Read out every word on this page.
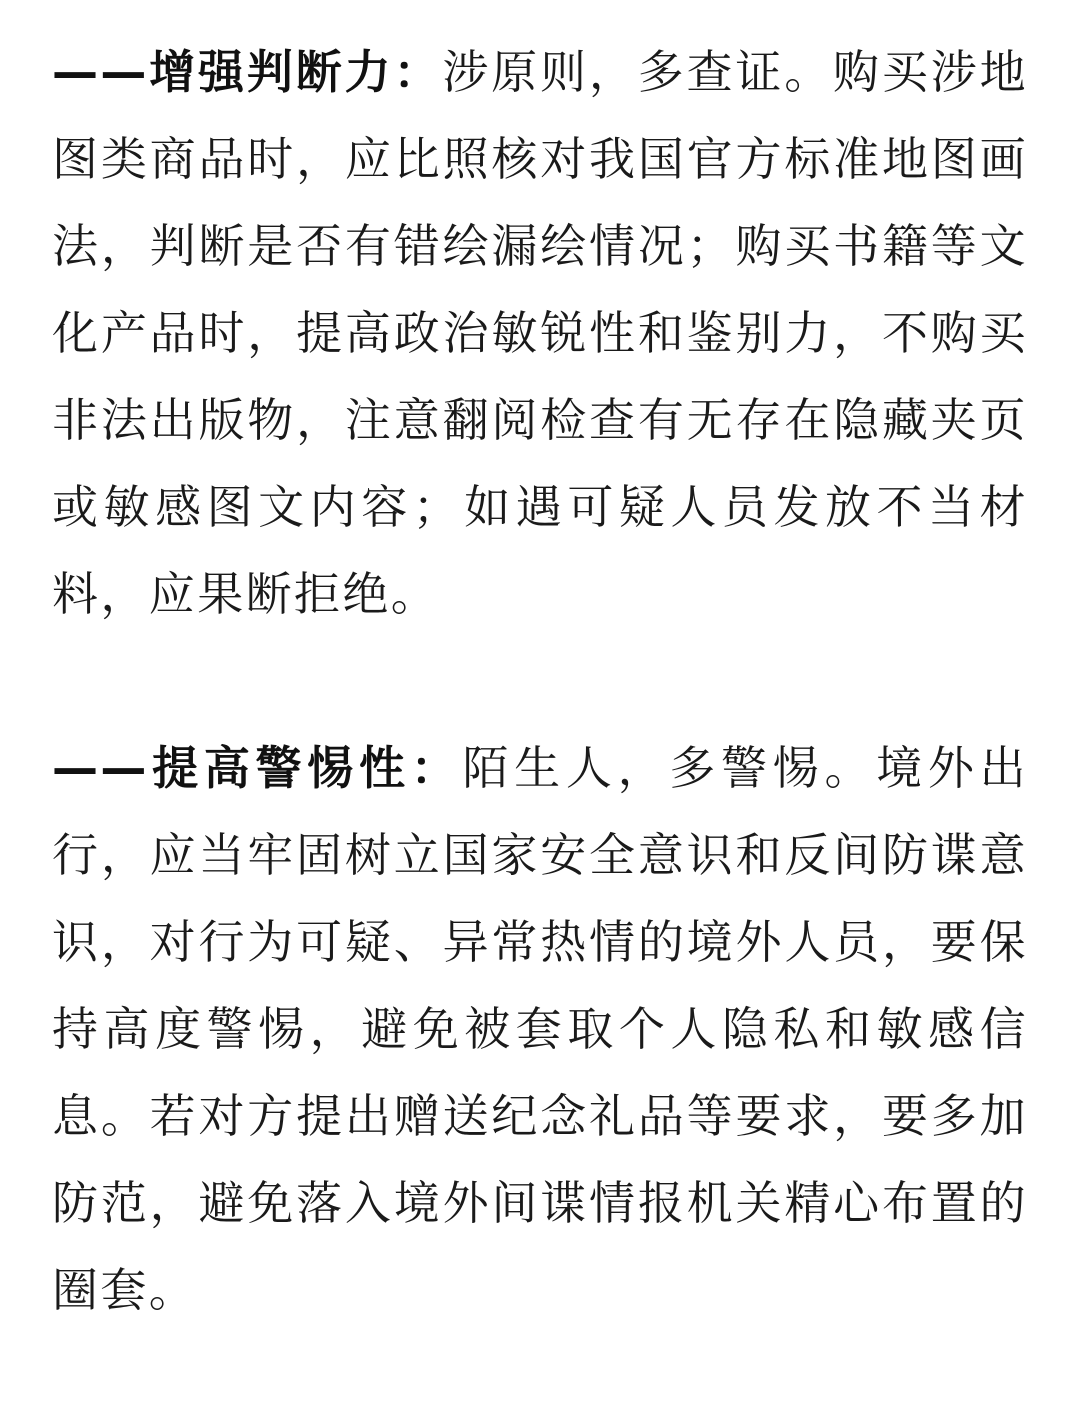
——增强判断力：涉原则，多查证。购买涉地图类商品时，应比照核对我国官方标准地图画法，判断是否有错绘漏绘情况；购买书籍等文化产品时，提高政治敏锐性和鉴别力，不购买非法出版物，注意翻阅检查有无存在隐藏夹页或敏感图文内容；如遇可疑人员发放不当材料，应果断拒绝。

——提高警惕性：陌生人，多警惕。境外出行，应当牢固树立国家安全意识和反间防谍意识，对行为可疑、异常热情的境外人员，要保持高度警惕，避免被套取个人隐私和敏感信息。若对方提出赠送纪念礼品等要求，要多加防范，避免落入境外间谍情报机关精心布置的圈套。
